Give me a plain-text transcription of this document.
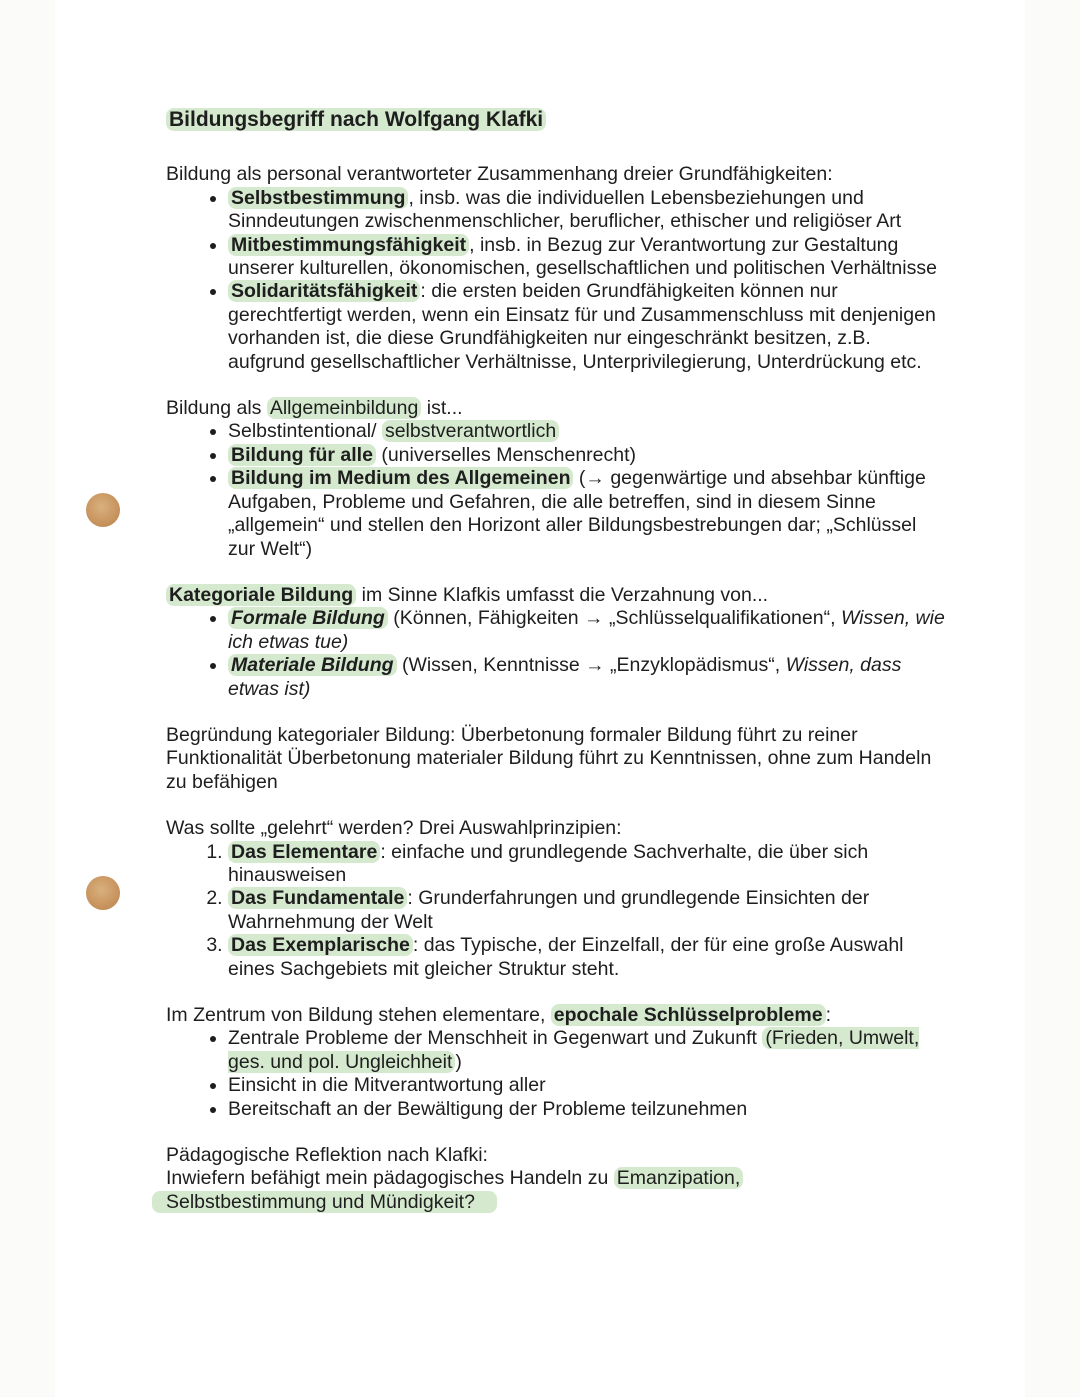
Bildungsbegriff nach Wolfgang Klafki

Bildung als personal verantworteter Zusammenhang dreier Grundfähigkeiten:

• Selbstbestimmung , insb. was die individuellen Lebensbeziehungen und Sinndeutungen zwischenmenschlicher, beruflicher, ethischer und religiöser Art
• Mitbestimmungsfähigkeit , insb. in Bezug zur Verantwortung zur Gestaltung unserer kulturellen, ökonomischen, gesellschaftlichen und politischen Verhältnisse
• Solidaritätsfähigkeit : die ersten beiden Grundfähigkeiten können nur gerechtfertigt werden, wenn ein Einsatz für und Zusammenschluss mit denjenigen vorhanden ist, die diese Grundfähigkeiten nur eingeschränkt besitzen, z.B. aufgrund gesellschaftlicher Verhältnisse, Unterprivilegierung, Unterdrückung etc.

Bildung als Allgemeinbildung ist...

• Selbstintentional/ selbstverantwortlich
• Bildung für alle (universelles Menschenrecht)
• Bildung im Medium des Allgemeinen (→ gegenwärtige und absehbar künftige Aufgaben, Probleme und Gefahren, die alle betreffen, sind in diesem Sinne „allgemein“ und stellen den Horizont aller Bildungsbestrebungen dar; „Schlüssel zur Welt“)

Kategoriale Bildung im Sinne Klafkis umfasst die Verzahnung von...

• Formale Bildung (Können, Fähigkeiten → „Schlüsselqualifikationen“, Wissen, wie ich etwas tue)
• Materiale Bildung (Wissen, Kenntnisse → „Enzyklopädismus“, Wissen, dass etwas ist)

Begründung kategorialer Bildung: Überbetonung formaler Bildung führt zu reiner Funktionalität Überbetonung materialer Bildung führt zu Kenntnissen, ohne zum Handeln zu befähigen

Was sollte „gelehrt“ werden? Drei Auswahlprinzipien:

1. Das Elementare : einfache und grundlegende Sachverhalte, die über sich hinausweisen
2. Das Fundamentale : Grunderfahrungen und grundlegende Einsichten der Wahrnehmung der Welt
3. Das Exemplarische : das Typische, der Einzelfall, der für eine große Auswahl eines Sachgebiets mit gleicher Struktur steht.

Im Zentrum von Bildung stehen elementare, epochale Schlüsselprobleme :

• Zentrale Probleme der Menschheit in Gegenwart und Zukunft (Frieden, Umwelt, ges. und pol. Ungleichheit )
• Einsicht in die Mitverantwortung aller
• Bereitschaft an der Bewältigung der Probleme teilzunehmen

Pädagogische Reflektion nach Klafki:

Inwiefern befähigt mein pädagogisches Handeln zu Emanzipation,

Selbstbestimmung und Mündigkeit?
